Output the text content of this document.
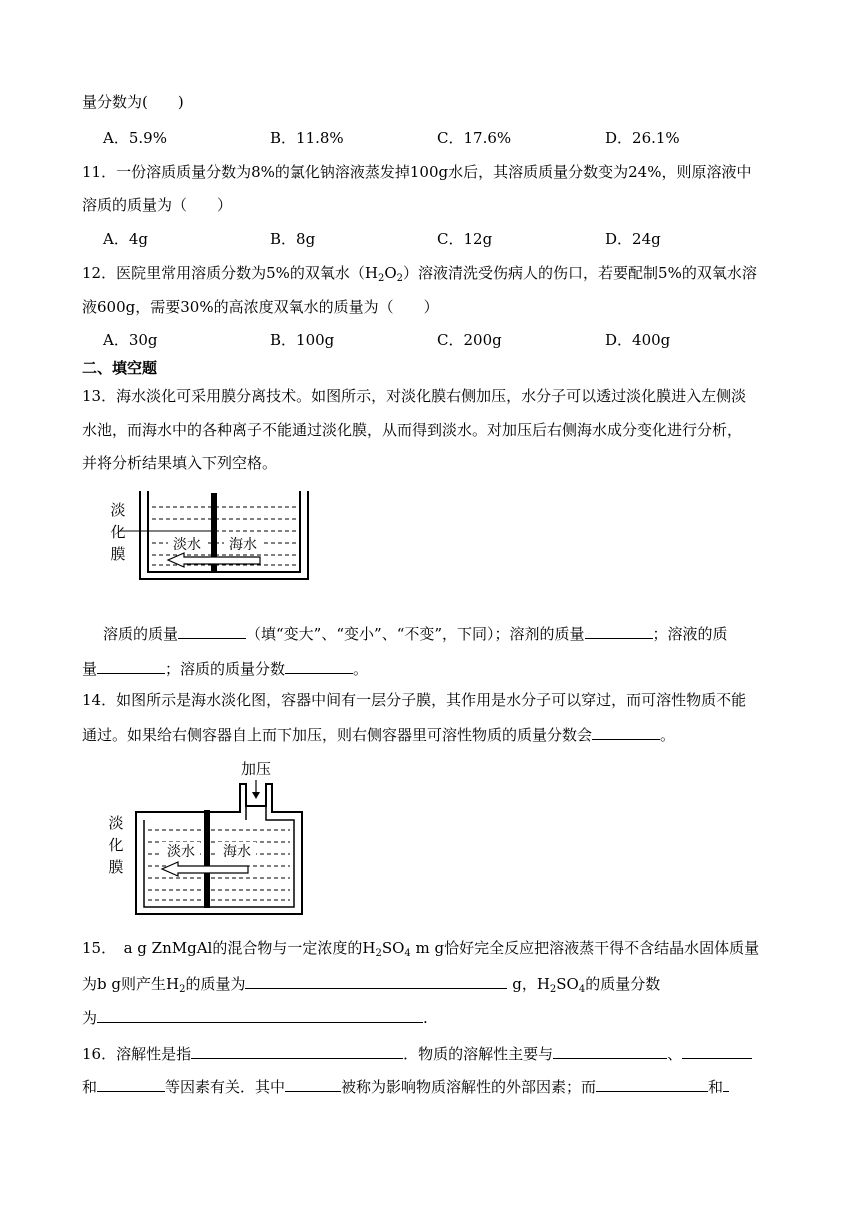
量分数为(　　)
A．5.9%	B．11.8%	C．17.6%	D．26.1%
11．一份溶质质量分数为8%的氯化钠溶液蒸发掉100g水后，其溶质质量分数变为24%，则原溶液中
溶质的质量为（　　）
A．4g	B．8g	C．12g	D．24g
12．医院里常用溶质分数为5%的双氧水$(H_2O_2)$溶液清洗受伤病人的伤口，若要配制5%的双氧水溶
液600g，需要30%的高浓度双氧水的质量为（　　）
A．30g	B．100g	C．200g	D．400g
二、填空题
13．海水淡化可采用膜分离技术。如图所示，对淡化膜右侧加压，水分子可以透过淡化膜进入左侧淡
水池，而海水中的各种离子不能通过淡化膜，从而得到淡水。对加压后右侧海水成分变化进行分析，
并将分析结果填入下列空格。
淡
化
膜	淡水 海水
溶质的质量	（填“变大”、“变小”、“不变”，下同）；溶剂的质量	；溶液的质
量	；溶质的质量分数	。
14．如图所示是海水淡化图，容器中间有一层分子膜，其作用是水分子可以穿过，而可溶性物质不能
通过。如果给右侧容器自上而下加压，则右侧容器里可溶性物质的质量分数会	。
加压
淡
化
膜
淡水 海水
15．　a g ZnMgAl的混合物与一定浓度的$H_2SO_4$ m g恰好完全反应把溶液蒸干得不含结晶水固体质量
为b g则产生$H_2$的质量为	g，$H_2SO_4$的质量分数
为	.
16．溶解性是指	．物质的溶解性主要与	、
和	等因素有关．其中	被称为影响物质溶解性的外部因素；而	和
